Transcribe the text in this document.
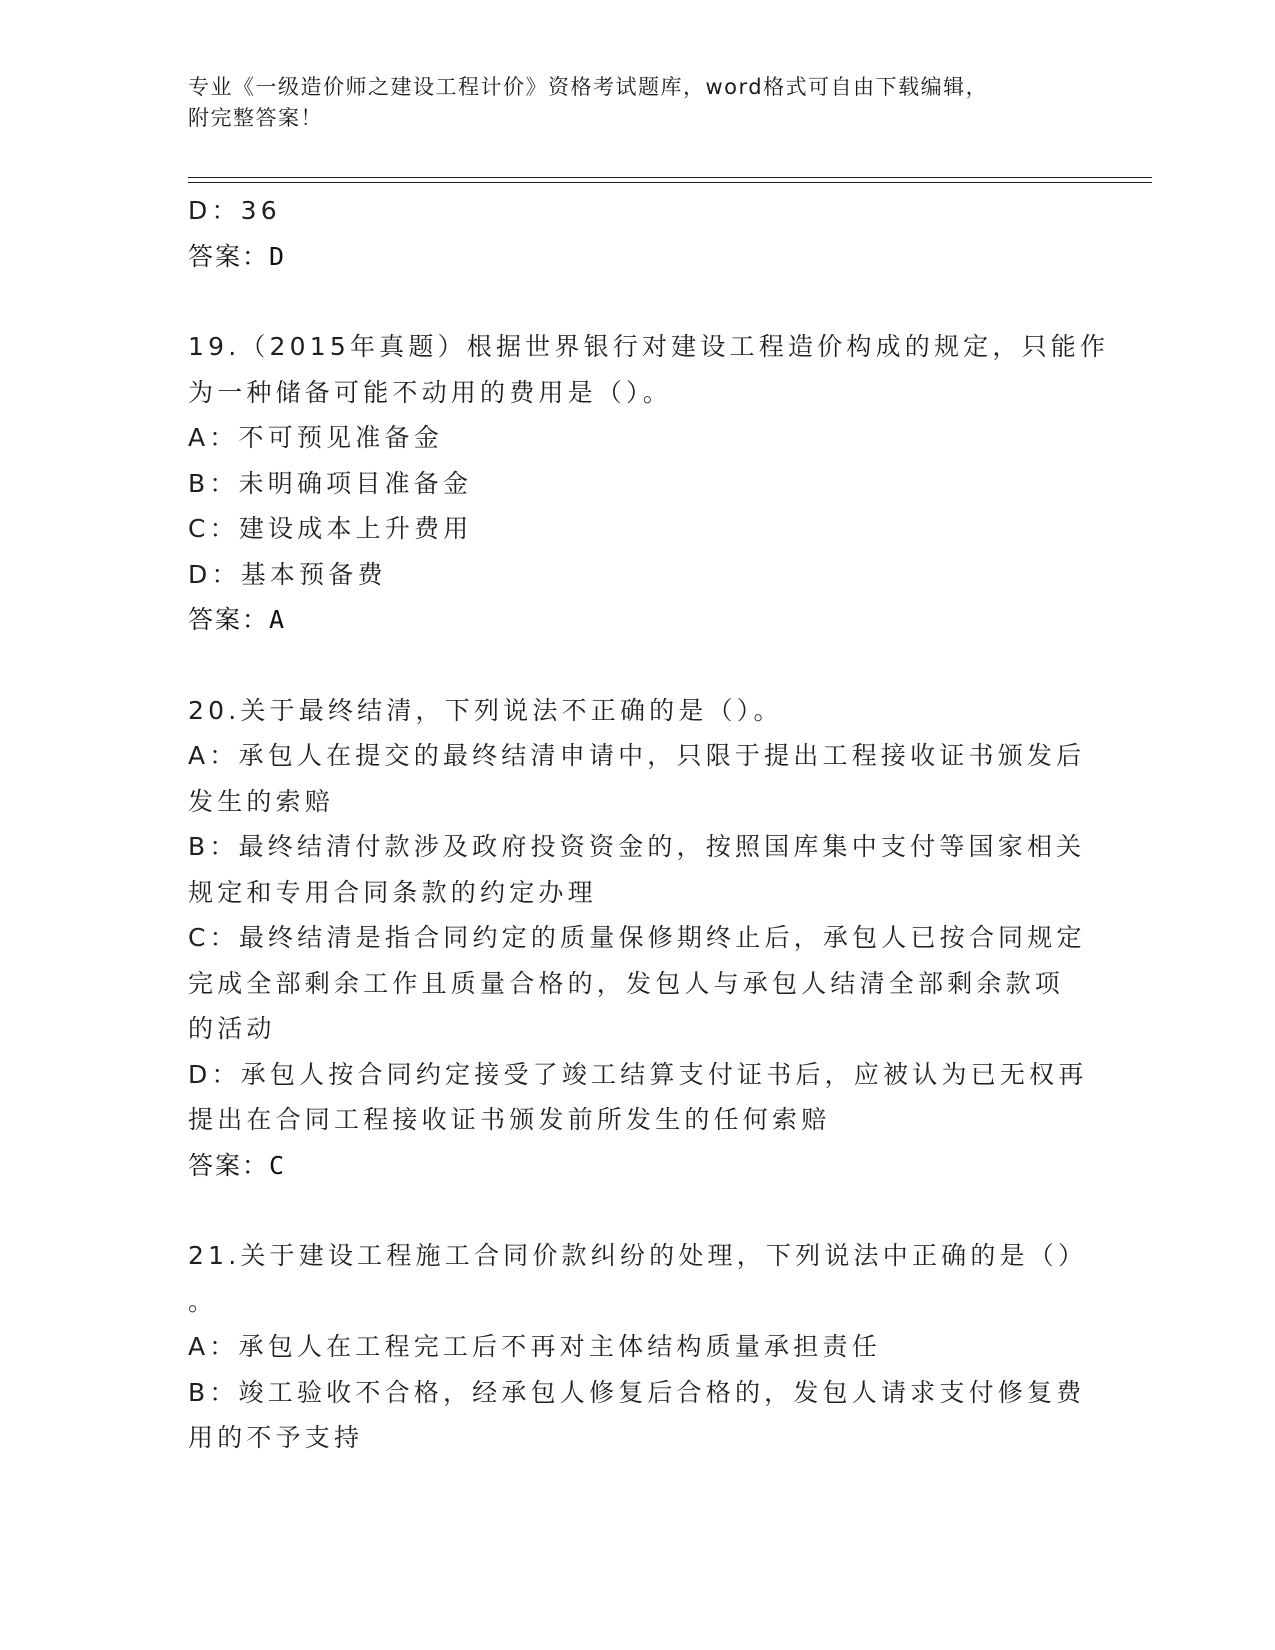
专业《一级造价师之建设工程计价》资格考试题库，word格式可自由下载编辑，
附完整答案！
D：36
答案：D
19.（2015年真题）根据世界银行对建设工程造价构成的规定，只能作
为一种储备可能不动用的费用是（）。
A：不可预见准备金
B：未明确项目准备金
C：建设成本上升费用
D：基本预备费
答案：A
20.关于最终结清，下列说法不正确的是（）。
A：承包人在提交的最终结清申请中，只限于提出工程接收证书颁发后
发生的索赔
B：最终结清付款涉及政府投资资金的，按照国库集中支付等国家相关
规定和专用合同条款的约定办理
C：最终结清是指合同约定的质量保修期终止后，承包人已按合同规定
完成全部剩余工作且质量合格的，发包人与承包人结清全部剩余款项
的活动
D：承包人按合同约定接受了竣工结算支付证书后，应被认为已无权再
提出在合同工程接收证书颁发前所发生的任何索赔
答案：C
21.关于建设工程施工合同价款纠纷的处理，下列说法中正确的是（）
。
A：承包人在工程完工后不再对主体结构质量承担责任
B：竣工验收不合格，经承包人修复后合格的，发包人请求支付修复费
用的不予支持
